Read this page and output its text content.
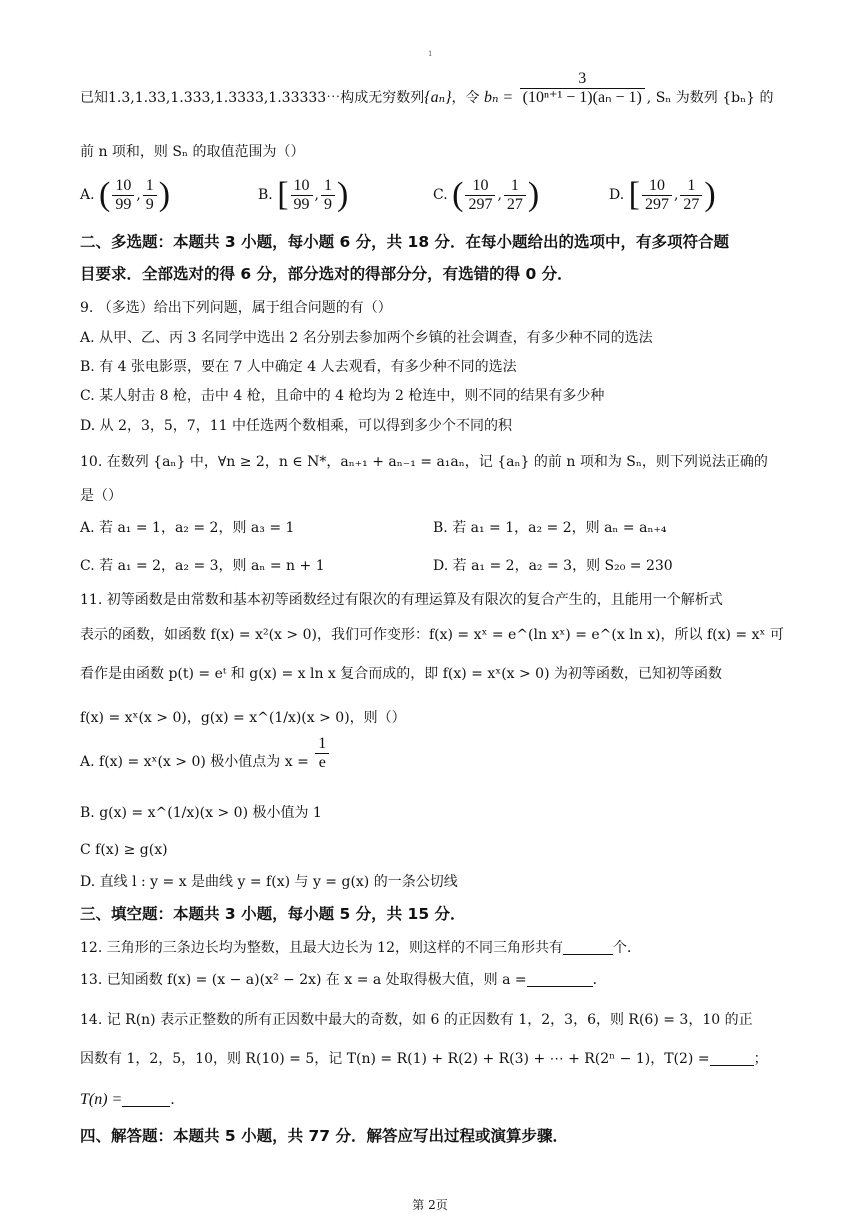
1
已知1.3,1.33,1.333,1.3333,1.33333⋯构成无穷数列{aₙ}，令 $b_n = \frac{3}{\text{(10ⁿ⁺¹ − 1)(aₙ − 1)}}$ , Sₙ 为数列 {bₙ} 的
前 n 项和，则 Sₙ 的取值范围为（）
A. ( $\frac{10}{99}$ , $\frac{1}{9}$ )	B. [ $\frac{10}{99}$ , $\frac{1}{9}$ )	C. ( $\frac{10}{297}$ , $\frac{1}{27}$ )	D. [ $\frac{10}{297}$ , $\frac{1}{27}$ )
二、多选题：本题共 3 小题，每小题 6 分，共 18 分．在每小题给出的选项中，有多项符合题
目要求．全部选对的得 6 分，部分选对的得部分分，有选错的得 0 分．
9. （多选）给出下列问题，属于组合问题的有（）
A. 从甲、乙、丙 3 名同学中选出 2 名分别去参加两个乡镇的社会调查，有多少种不同的选法
B. 有 4 张电影票，要在 7 人中确定 4 人去观看，有多少种不同的选法
C. 某人射击 8 枪，击中 4 枪，且命中的 4 枪均为 2 枪连中，则不同的结果有多少种
D. 从 2，3，5，7，11 中任选两个数相乘，可以得到多少个不同的积
10. 在数列 {aₙ} 中，∀n ≥ 2，n ∈ N*，aₙ₊₁ + aₙ₋₁ = a₁aₙ，记 {aₙ} 的前 n 项和为 Sₙ，则下列说法正确的
是（）
A. 若 a₁ = 1，a₂ = 2，则 a₃ = 1	B. 若 a₁ = 1，a₂ = 2，则 aₙ = aₙ₊₄
C. 若 a₁ = 2，a₂ = 3，则 aₙ = n + 1	D. 若 a₁ = 2，a₂ = 3，则 S₂₀ = 230
11. 初等函数是由常数和基本初等函数经过有限次的有理运算及有限次的复合产生的，且能用一个解析式
表示的函数，如函数 f(x) = x²(x > 0)，我们可作变形：f(x) = xˣ = e^(ln xˣ) = e^(x ln x)，所以 f(x) = xˣ 可
看作是由函数 p(t) = eᵗ 和 g(x) = x ln x 复合而成的，即 f(x) = xˣ(x > 0) 为初等函数，已知初等函数
f(x) = xˣ(x > 0)，g(x) = x^(1/x)(x > 0)，则（）
A. f(x) = xˣ(x > 0) 极小值点为 $x = \frac{1}{e}$
B. g(x) = x^(1/x)(x > 0) 极小值为 1
C f(x) ≥ g(x)
D. 直线 l : y = x 是曲线 y = f(x) 与 y = g(x) 的一条公切线
三、填空题：本题共 3 小题，每小题 5 分，共 15 分．
12. 三角形的三条边长均为整数，且最大边长为 12，则这样的不同三角形共有	个．
13. 已知函数 f(x) = (x − a)(x² − 2x) 在 x = a 处取得极大值，则 a =	．
14. 记 R(n) 表示正整数的所有正因数中最大的奇数，如 6 的正因数有 1，2，3，6，则 R(6) = 3，10 的正
因数有 1，2，5，10，则 R(10) = 5，记 T(n) = R(1) + R(2) + R(3) + ⋯ + R(2ⁿ − 1)，T(2) =	；
T(n) =	．
四、解答题：本题共 5 小题，共 77 分．解答应写出过程或演算步骤．
第 2页
